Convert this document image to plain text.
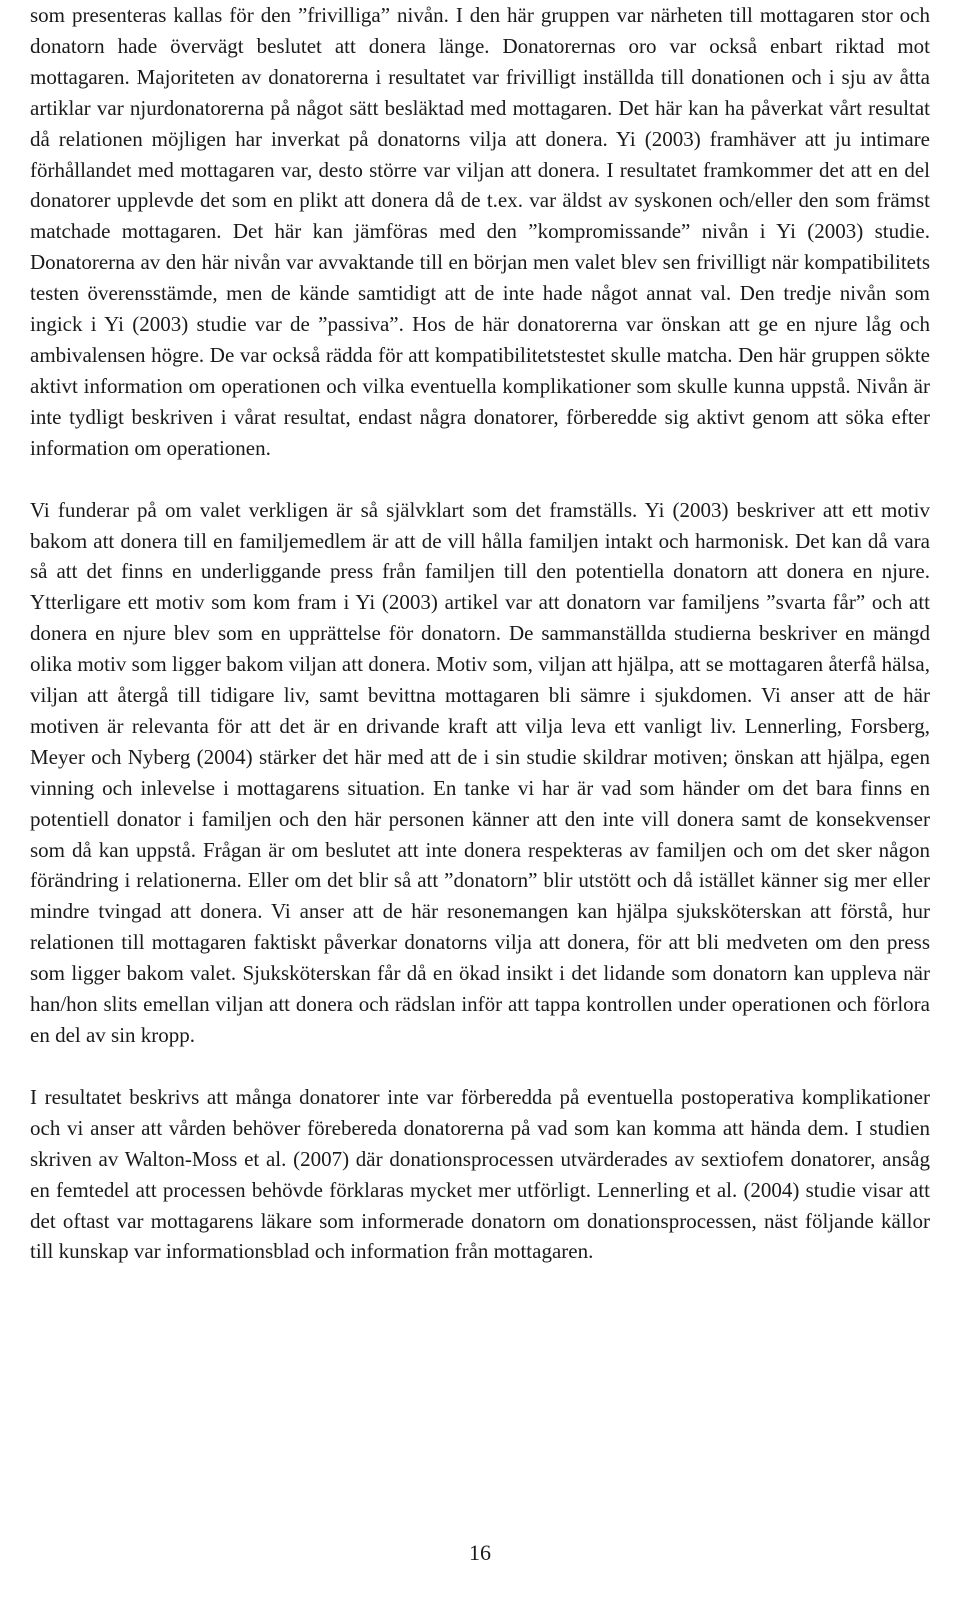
som presenteras kallas för den ”frivilliga” nivån. I den här gruppen var närheten till mottagaren stor och donatorn hade övervägt beslutet att donera länge. Donatorernas oro var också enbart riktad mot mottagaren. Majoriteten av donatorerna i resultatet var frivilligt inställda till donationen och i sju av åtta artiklar var njurdonatorerna på något sätt besläktad med mottagaren. Det här kan ha påverkat vårt resultat då relationen möjligen har inverkat på donatorns vilja att donera. Yi (2003) framhäver att ju intimare förhållandet med mottagaren var, desto större var viljan att donera. I resultatet framkommer det att en del donatorer upplevde det som en plikt att donera då de t.ex. var äldst av syskonen och/eller den som främst matchade mottagaren. Det här kan jämföras med den ”kompromissande” nivån i Yi (2003) studie. Donatorerna av den här nivån var avvaktande till en början men valet blev sen frivilligt när kompatibilitets testen överensstämde, men de kände samtidigt att de inte hade något annat val. Den tredje nivån som ingick i Yi (2003) studie var de ”passiva”. Hos de här donatorerna var önskan att ge en njure låg och ambivalensen högre. De var också rädda för att kompatibilitetstestet skulle matcha. Den här gruppen sökte aktivt information om operationen och vilka eventuella komplikationer som skulle kunna uppstå. Nivån är inte tydligt beskriven i vårat resultat, endast några donatorer, förberedde sig aktivt genom att söka efter information om operationen.

Vi funderar på om valet verkligen är så självklart som det framställs. Yi (2003) beskriver att ett motiv bakom att donera till en familjemedlem är att de vill hålla familjen intakt och harmonisk. Det kan då vara så att det finns en underliggande press från familjen till den potentiella donatorn att donera en njure. Ytterligare ett motiv som kom fram i Yi (2003) artikel var att donatorn var familjens ”svarta får” och att donera en njure blev som en upprättelse för donatorn. De sammanställda studierna beskriver en mängd olika motiv som ligger bakom viljan att donera. Motiv som, viljan att hjälpa, att se mottagaren återfå hälsa, viljan att återgå till tidigare liv, samt bevittna mottagaren bli sämre i sjukdomen. Vi anser att de här motiven är relevanta för att det är en drivande kraft att vilja leva ett vanligt liv. Lennerling, Forsberg, Meyer och Nyberg (2004) stärker det här med att de i sin studie skildrar motiven; önskan att hjälpa, egen vinning och inlevelse i mottagarens situation. En tanke vi har är vad som händer om det bara finns en potentiell donator i familjen och den här personen känner att den inte vill donera samt de konsekvenser som då kan uppstå. Frågan är om beslutet att inte donera respekteras av familjen och om det sker någon förändring i relationerna. Eller om det blir så att ”donatorn” blir utstött och då istället känner sig mer eller mindre tvingad att donera. Vi anser att de här resonemangen kan hjälpa sjuksköterskan att förstå, hur relationen till mottagaren faktiskt påverkar donatorns vilja att donera, för att bli medveten om den press som ligger bakom valet. Sjuksköterskan får då en ökad insikt i det lidande som donatorn kan uppleva när han/hon slits emellan viljan att donera och rädslan inför att tappa kontrollen under operationen och förlora en del av sin kropp.

I resultatet beskrivs att många donatorer inte var förberedda på eventuella postoperativa komplikationer och vi anser att vården behöver förebereda donatorerna på vad som kan komma att hända dem. I studien skriven av Walton-Moss et al. (2007) där donationsprocessen utvärderades av sextiofem donatorer, ansåg en femtedel att processen behövde förklaras mycket mer utförligt. Lennerling et al. (2004) studie visar att det oftast var mottagarens läkare som informerade donatorn om donationsprocessen, näst följande källor till kunskap var informationsblad och information från mottagaren.

16
